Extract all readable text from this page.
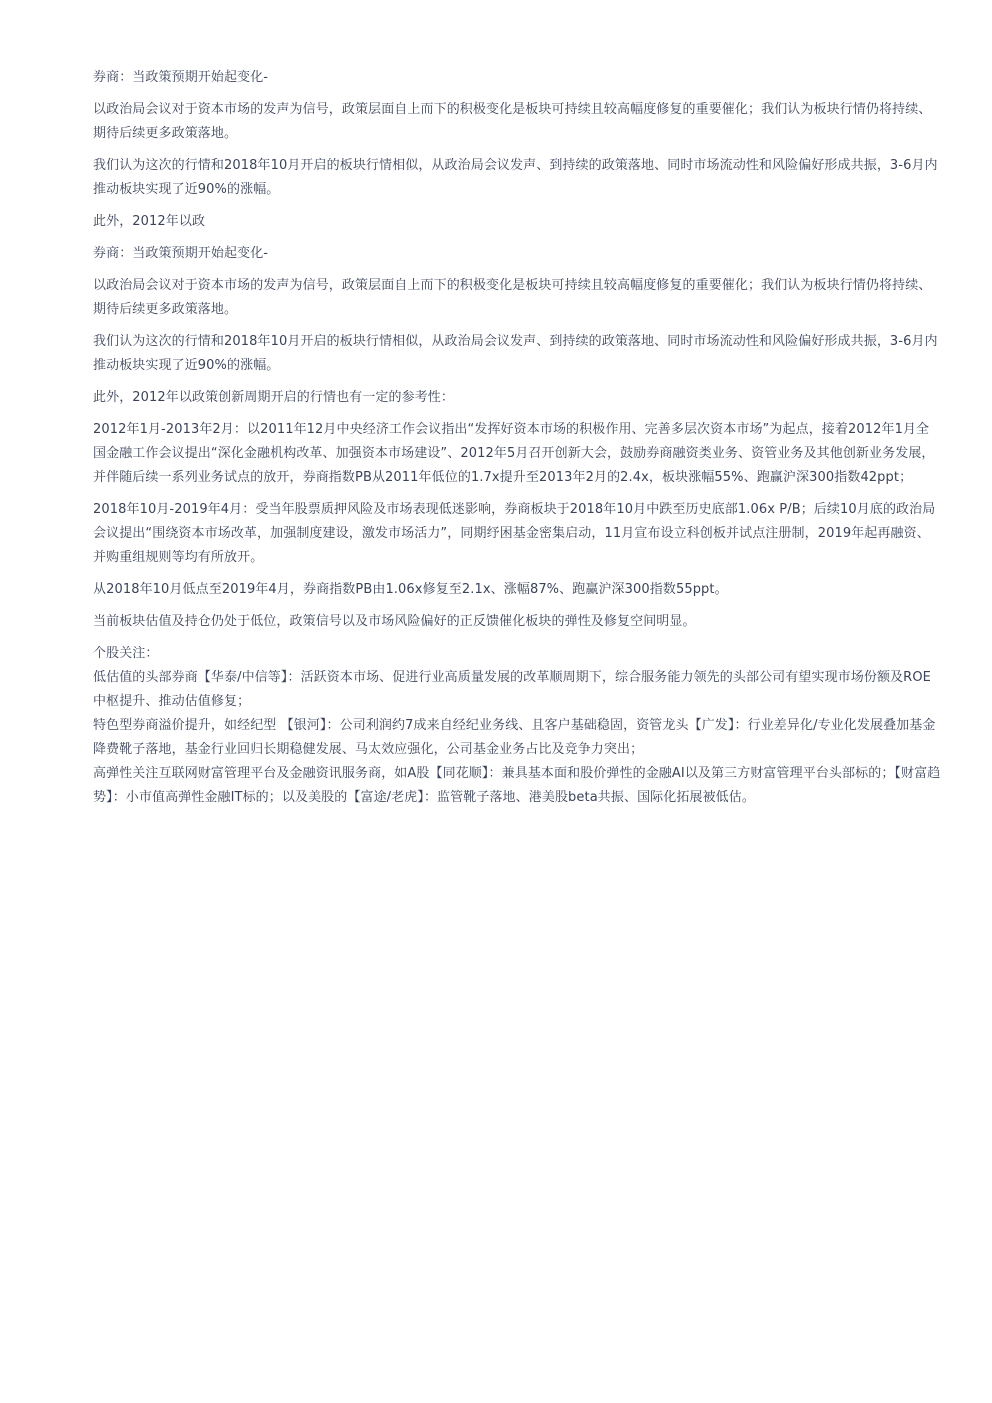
券商：当政策预期开始起变化-

以政治局会议对于资本市场的发声为信号，政策层面自上而下的积极变化是板块可持续且较高幅度修复的重要催化；我们认为板块行情仍将持续、期待后续更多政策落地。

我们认为这次的行情和2018年10月开启的板块行情相似，从政治局会议发声、到持续的政策落地、同时市场流动性和风险偏好形成共振，3-6月内推动板块实现了近90%的涨幅。

此外，2012年以政

券商：当政策预期开始起变化-

以政治局会议对于资本市场的发声为信号，政策层面自上而下的积极变化是板块可持续且较高幅度修复的重要催化；我们认为板块行情仍将持续、期待后续更多政策落地。

我们认为这次的行情和2018年10月开启的板块行情相似，从政治局会议发声、到持续的政策落地、同时市场流动性和风险偏好形成共振，3-6月内推动板块实现了近90%的涨幅。

此外，2012年以政策创新周期开启的行情也有一定的参考性：

2012年1月-2013年2月：以2011年12月中央经济工作会议指出“发挥好资本市场的积极作用、完善多层次资本市场”为起点，接着2012年1月全国金融工作会议提出“深化金融机构改革、加强资本市场建设”、2012年5月召开创新大会，鼓励券商融资类业务、资管业务及其他创新业务发展，并伴随后续一系列业务试点的放开，券商指数PB从2011年低位的1.7x提升至2013年2月的2.4x，板块涨幅55%、跑赢沪深300指数42ppt；

2018年10月-2019年4月：受当年股票质押风险及市场表现低迷影响，券商板块于2018年10月中跌至历史底部1.06x P/B；后续10月底的政治局会议提出“围绕资本市场改革，加强制度建设，激发市场活力”，同期纾困基金密集启动，11月宣布设立科创板并试点注册制，2019年起再融资、并购重组规则等均有所放开。

从2018年10月低点至2019年4月，券商指数PB由1.06x修复至2.1x、涨幅87%、跑赢沪深300指数55ppt。

当前板块估值及持仓仍处于低位，政策信号以及市场风险偏好的正反馈催化板块的弹性及修复空间明显。

个股关注：

低估值的头部券商【华泰/中信等】：活跃资本市场、促进行业高质量发展的改革顺周期下，综合服务能力领先的头部公司有望实现市场份额及ROE中枢提升、推动估值修复；

特色型券商溢价提升，如经纪型 【银河】：公司利润约7成来自经纪业务线、且客户基础稳固，资管龙头【广发】：行业差异化/专业化发展叠加基金降费靴子落地，基金行业回归长期稳健发展、马太效应强化，公司基金业务占比及竞争力突出；

高弹性关注互联网财富管理平台及金融资讯服务商，如A股【同花顺】：兼具基本面和股价弹性的金融AI以及第三方财富管理平台头部标的；【财富趋势】：小市值高弹性金融IT标的；以及美股的【富途/老虎】：监管靴子落地、港美股beta共振、国际化拓展被低估。
